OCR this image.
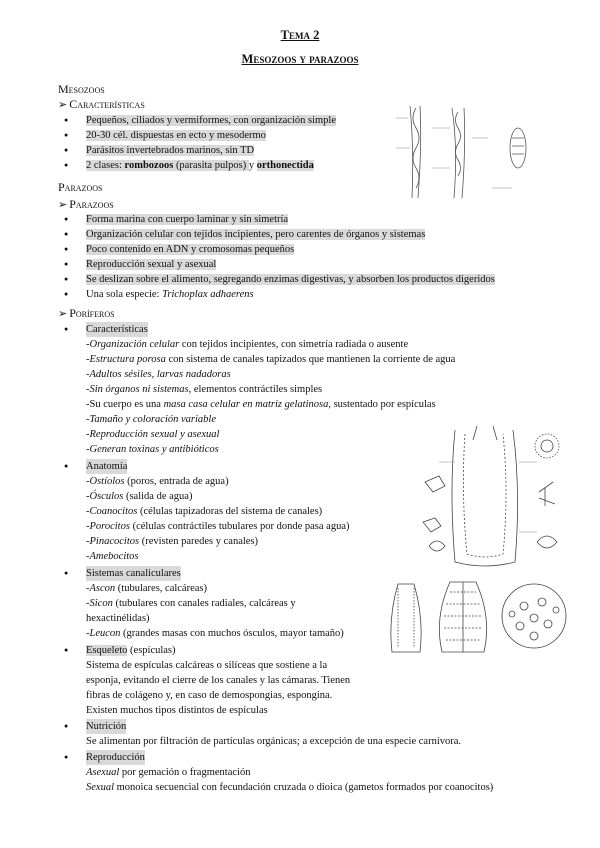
Tema 2
Mesozoos y parazoos
Mesozoos
➢ Características
● Pequeños, ciliados y vermiformes, con organización simple
● 20-30 cél. dispuestas en ecto y mesodermo
● Parásitos invertebrados marinos, sin TD
● 2 clases: rombozoos (parasita pulpos) y orthonectida
Parazoos
➢ Parazoos
● Forma marina con cuerpo laminar y sin simetría
● Organización celular con tejidos incipientes, pero carentes de órganos y sistemas
● Poco contenido en ADN y cromosomas pequeños
● Reproducción sexual y asexual
● Se deslizan sobre el alimento, segregando enzimas digestivas, y absorben los productos digeridos
● Una sola especie: Trichoplax adhaerens
➢ Poríferos
● Características
-Organización celular con tejidos incipientes, con simetría radiada o ausente
-Estructura porosa con sistema de canales tapizados que mantienen la corriente de agua
-Adultos sésiles, larvas nadadoras
-Sin órganos ni sistemas, elementos contráctiles simples
-Su cuerpo es una masa casa celular en matriz gelatinosa, sustentado por espículas
-Tamaño y coloración variable
-Reproducción sexual y asexual
-Generan toxinas y antibióticos
● Anatomía
-Ostíolos (poros, entrada de agua)
-Ósculos (salida de agua)
-Coanocitos (células tapizadoras del sistema de canales)
-Porocitos (células contráctiles tubulares por donde pasa agua)
-Pinacocitos (revisten paredes y canales)
-Amebocitos
● Sistemas canaliculares
-Ascon (tubulares, calcáreas)
-Sicon (tubulares con canales radiales, calcáreas y
hexactinélidas)
-Leucon (grandes masas con muchos ósculos, mayor tamaño)
● Esqueleto (espículas)
Sistema de espículas calcáreas o silíceas que sostiene a la
esponja, evitando el cierre de los canales y las cámaras. Tienen
fibras de colágeno y, en caso de demospongias, espongina.
Existen muchos tipos distintos de espículas
● Nutrición
Se alimentan por filtración de partículas orgánicas; a excepción de una especie carnívora.
● Reproducción
Asexual por gemación o fragmentación
Sexual monoica secuencial con fecundación cruzada o dioica (gametos formados por coanocitos)
